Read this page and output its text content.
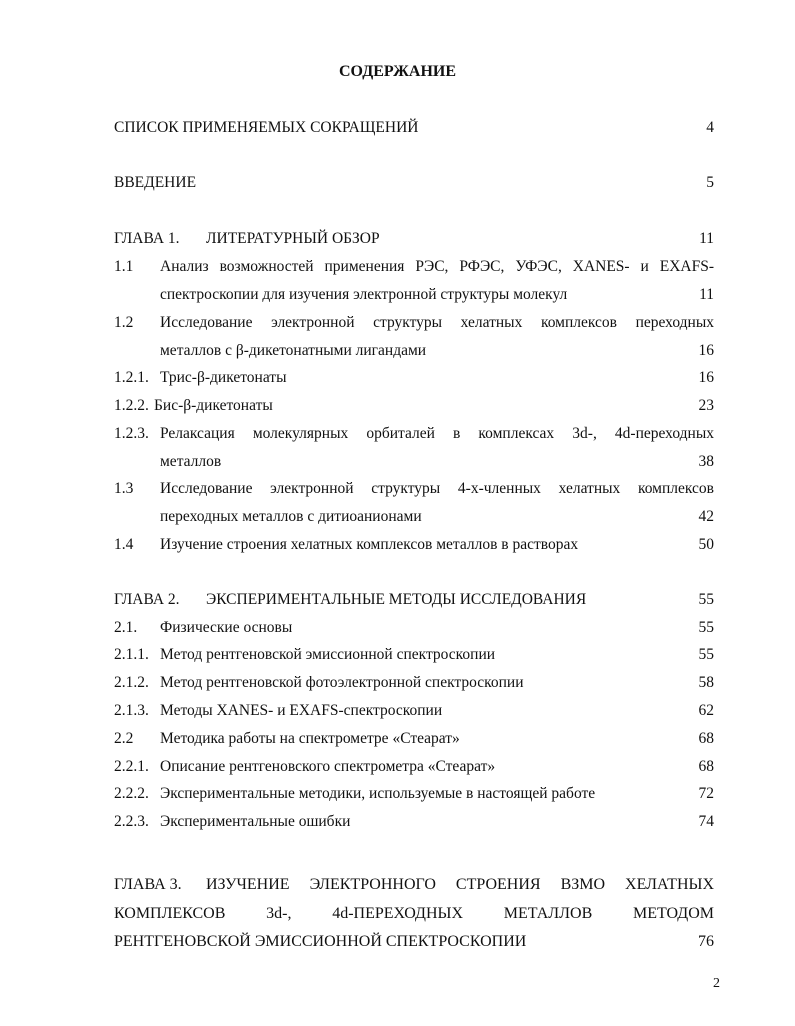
СОДЕРЖАНИЕ
СПИСОК ПРИМЕНЯЕМЫХ СОКРАЩЕНИЙ	4
ВВЕДЕНИЕ	5
ГЛАВА 1. ЛИТЕРАТУРНЫЙ ОБЗОР	11
1.1 Анализ возможностей применения РЭС, РФЭС, УФЭС, XANES- и EXAFS-
спектроскопии для изучения электронной структуры молекул	11
1.2 Исследование электронной структуры хелатных комплексов переходных
металлов с β-дикетонатными лигандами	16
1.2.1. Трис-β-дикетонаты	16
1.2.2. Бис-β-дикетонаты	23
1.2.3. Релаксация молекулярных орбиталей в комплексах 3d-, 4d-переходных
металлов	38
1.3 Исследование электронной структуры 4-х-членных хелатных комплексов
переходных металлов с дитиоанионами	42
1.4 Изучение строения хелатных комплексов металлов в растворах	50
ГЛАВА 2. ЭКСПЕРИМЕНТАЛЬНЫЕ МЕТОДЫ ИССЛЕДОВАНИЯ	55
2.1. Физические основы	55
2.1.1. Метод рентгеновской эмиссионной спектроскопии	55
2.1.2. Метод рентгеновской фотоэлектронной спектроскопии	58
2.1.3. Методы XANES- и EXAFS-спектроскопии	62
2.2 Методика работы на спектрометре «Стеарат»	68
2.2.1. Описание рентгеновского спектрометра «Стеарат»	68
2.2.2. Экспериментальные методики, используемые в настоящей работе	72
2.2.3. Экспериментальные ошибки	74
ГЛАВА 3. ИЗУЧЕНИЕ ЭЛЕКТРОННОГО СТРОЕНИЯ ВЗМО ХЕЛАТНЫХ
КОМПЛЕКСОВ 3d-, 4d-ПЕРЕХОДНЫХ МЕТАЛЛОВ МЕТОДОМ
РЕНТГЕНОВСКОЙ ЭМИССИОННОЙ СПЕКТРОСКОПИИ	76
2
